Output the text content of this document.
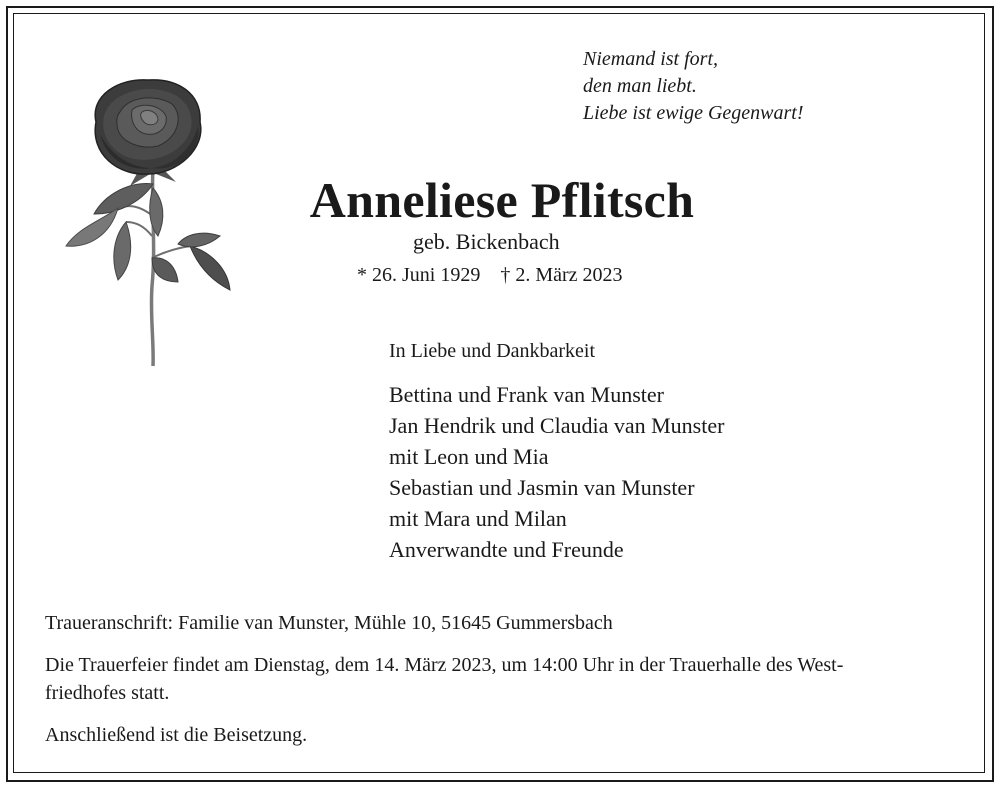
Niemand ist fort,
den man liebt.
Liebe ist ewige Gegenwart!
Anneliese Pflitsch
geb. Bickenbach
* 26. Juni 1929 † 2. März 2023
In Liebe und Dankbarkeit
Bettina und Frank van Munster
Jan Hendrik und Claudia van Munster
mit Leon und Mia
Sebastian und Jasmin van Munster
mit Mara und Milan
Anverwandte und Freunde
Traueranschrift: Familie van Munster, Mühle 10, 51645 Gummersbach
Die Trauerfeier findet am Dienstag, dem 14. März 2023, um 14:00 Uhr in der Trauerhalle des West-
friedhofes statt.
Anschließend ist die Beisetzung.
